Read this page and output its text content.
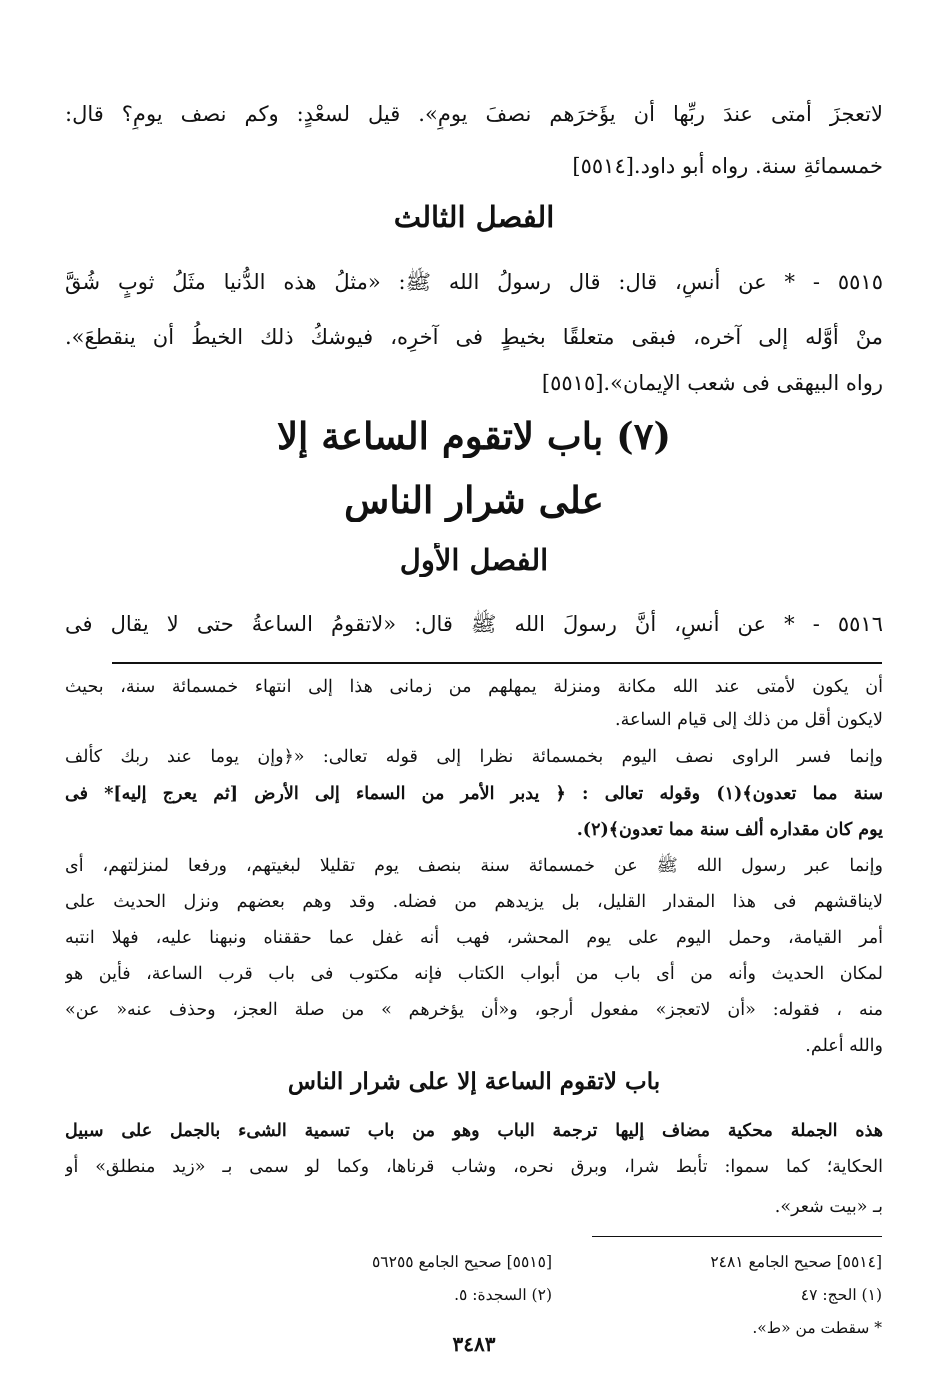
لاتعجزَ أمتى عندَ ربِّها أن يؤَخرَهم نصفَ يومٍ». قيل لسعْدٍ: وكم نصف يومٍ؟ قال:
خمسمائةِ سنة. رواه أبو داود.[٥٥١٤]
الفصل الثالث
٥٥١٥ - * عن أنسٍ، قال: قال رسولُ الله ﷺ: «مثلُ هذه الدُّنيا مثَلُ ثوبٍ شُقَّ
منْ أوَّله إلى آخره، فبقى متعلقًا بخيطٍ فى آخرِه، فيوشكُ ذلك الخيطُ أن ينقطعَ».
رواه البيهقى فى شعب الإيمان».[٥٥١٥]
(٧) باب لاتقوم الساعة إلا
على شرار الناس
الفصل الأول
٥٥١٦ - * عن أنسٍ، أنَّ رسولَ الله ﷺ قال: «لاتقومُ الساعةُ حتى لا يقال فى
أن يكون لأمتى عند الله مكانة ومنزلة يمهلهم من زمانى هذا إلى انتهاء خمسمائة سنة، بحيث
لايكون أقل من ذلك إلى قيام الساعة.
وإنما فسر الراوى نصف اليوم بخمسمائة نظرا إلى قوله تعالى: «﴿وإن يوما عند ربك كألف
سنة مما تعدون﴾(١) وقوله تعالى : ﴿ يدبر الأمر من السماء إلى الأرض [ثم يعرج إليه]* فى
يوم كان مقداره ألف سنة مما تعدون﴾(٢).
وإنما عبر رسول الله ﷺ عن خمسمائة سنة بنصف يوم تقليلا لبغيتهم، ورفعا لمنزلتهم، أى
لايناقشهم فى هذا المقدار القليل، بل يزيدهم من فضله. وقد وهم بعضهم ونزل الحديث على
أمر القيامة، وحمل اليوم على يوم المحشر، فهب أنه غفل عما حققناه ونبهنا عليه، فهلا انتبه
لمكان الحديث وأنه من أى باب من أبواب الكتاب فإنه مكتوب فى باب قرب الساعة، فأين هو
منه ، فقوله: «أن لاتعجز» مفعول أرجو، و«أن يؤخرهم » من صلة العجز، وحذف عنه« عن»
والله أعلم.
باب لاتقوم الساعة إلا على شرار الناس
هذه الجملة محكية مضاف إليها ترجمة الباب وهو من باب تسمية الشىء بالجمل على سبيل
الحكاية؛ كما سموا: تأبط شرا، وبرق نحره، وشاب قرناها، وكما لو سمى بـ «زيد منطلق» أو
بـ «بيت شعر».
[٥٥١٤] صحيح الجامع ٢٤٨١
(١) الحج: ٤٧
* سقطت من «ط».
[٥٥١٥] صحيح الجامع ٥٦٢٥٥
(٢) السجدة: ٥.
٣٤٨٣
